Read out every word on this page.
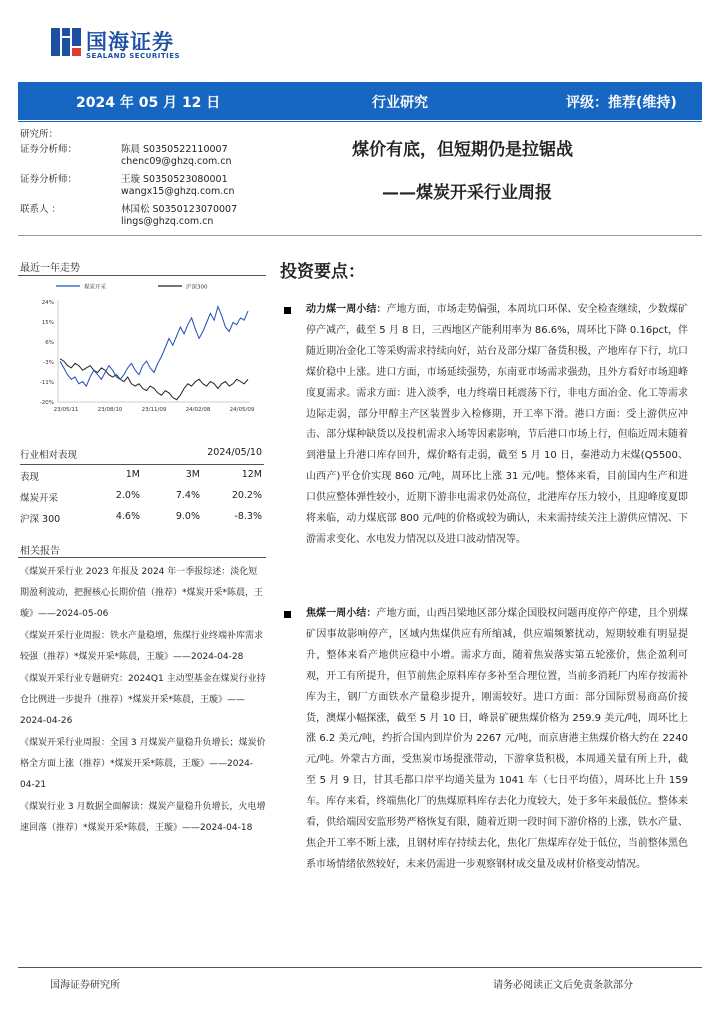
国海证券
SEALAND SECURITIES
2024 年 05 月 12 日	行业研究	评级：推荐(维持)
研究所：
证券分析师：	陈晨 S0350522110007
chenc09@ghzq.com.cn
证券分析师：	王璇 S0350523080001
wangx15@ghzq.com.cn
联系人 ：	林国松 S0350123070007
lings@ghzq.com.cn
煤价有底，但短期仍是拉锯战
——煤炭开采行业周报
最近一年走势
煤炭开采	沪深300
24%
15%
6%
-3%
-11%
-20%
23/05/11	23/08/10	23/11/09	24/02/08	24/05/09
行业相对表现	2024/05/10
表现	1M	3M	12M
煤炭开采	2.0%	7.4%	20.2%
沪深 300	4.6%	9.0%	-8.3%
相关报告

《煤炭开采行业 2023 年报及 2024 年一季报综述：淡化短期盈利波动，把握核心长期价值（推荐）*煤炭开采*陈晨，王璇》——2024-05-06

《煤炭开采行业周报：铁水产量稳增，焦煤行业终端补库需求较强（推荐）*煤炭开采*陈晨，王璇》——2024-04-28

《煤炭开采行业专题研究：2024Q1 主动型基金在煤炭行业持仓比例进一步提升（推荐）*煤炭开采*陈晨，王璇》——2024-04-26

《煤炭开采行业周报：全国 3 月煤炭产量稳升负增长；煤炭价格全方面上涨（推荐）*煤炭开采*陈晨，王璇》——2024-04-21

《煤炭行业 3 月数据全面解读：煤炭产量稳升负增长，火电增速回落（推荐）*煤炭开采*陈晨，王璇》——2024-04-18

投资要点：
动力煤一周小结：产地方面，市场走势偏强，本周坑口环保、安全检查继续，少数煤矿停产减产，截至 5 月 8 日，三西地区产能利用率为 86.6%，周环比下降 0.16pct，伴随近期冶金化工等采购需求持续向好，站台及部分煤厂备货积极，产地库存下行，坑口煤价稳中上涨。进口方面，市场延续强势，东南亚市场需求强劲，且外方看好市场迎峰度夏需求。需求方面：进入淡季，电力终端日耗震荡下行，非电方面冶金、化工等需求边际走弱，部分甲醇主产区装置步入检修期，开工率下滑。港口方面：受上游供应冲击、部分煤种缺货以及投机需求入场等因素影响，节后港口市场上行，但临近周末随着到港量上升港口库存回升，煤价略有走弱，截至 5 月 10 日，秦港动力末煤(Q5500、山西产)平仓价实现 860 元/吨，周环比上涨 31 元/吨。整体来看，目前国内生产和进口供应整体弹性较小，近期下游非电需求仍处高位，北港库存压力较小，且迎峰度夏即将来临，动力煤底部 800 元/吨的价格或较为确认，未来需持续关注上游供应情况、下游需求变化、水电发力情况以及进口波动情况等。
焦煤一周小结：产地方面，山西吕梁地区部分煤企国股权问题再度停产停建，且个别煤矿因事故影响停产，区域内焦煤供应有所缩减，供应端频繁扰动，短期较难有明显提升，整体来看产地供应稳中小增。需求方面，随着焦炭落实第五轮涨价，焦企盈利可观，开工有所提升，但节前焦企原料库存多补至合理位置，当前多消耗厂内库存按需补库为主，钢厂方面铁水产量稳步提升，刚需较好。进口方面：部分国际贸易商高价接货，澳煤小幅探涨，截至 5 月 10 日，峰景矿硬焦煤价格为 259.9 美元/吨，周环比上涨 6.2 美元/吨，约折合国内到岸价为 2267 元/吨，而京唐港主焦煤价格大约在 2240 元/吨。外蒙古方面，受焦炭市场提涨带动，下游拿货积极，本周通关量有所上升，截至 5 月 9 日，甘其毛都口岸平均通关量为 1041 车（七日平均值），周环比上升 159 车。库存来看，终端焦化厂的焦煤原料库存去化力度较大，处于多年来最低位。整体来看，供给端因安监形势严格恢复有限，随着近期一段时间下游价格的上涨，铁水产量、焦企开工率不断上涨，且钢材库存持续去化，焦化厂焦煤库存处于低位，当前整体黑色系市场情绪依然较好，未来仍需进一步观察钢材成交量及成材价格变动情况。
国海证券研究所	请务必阅读正文后免责条款部分
